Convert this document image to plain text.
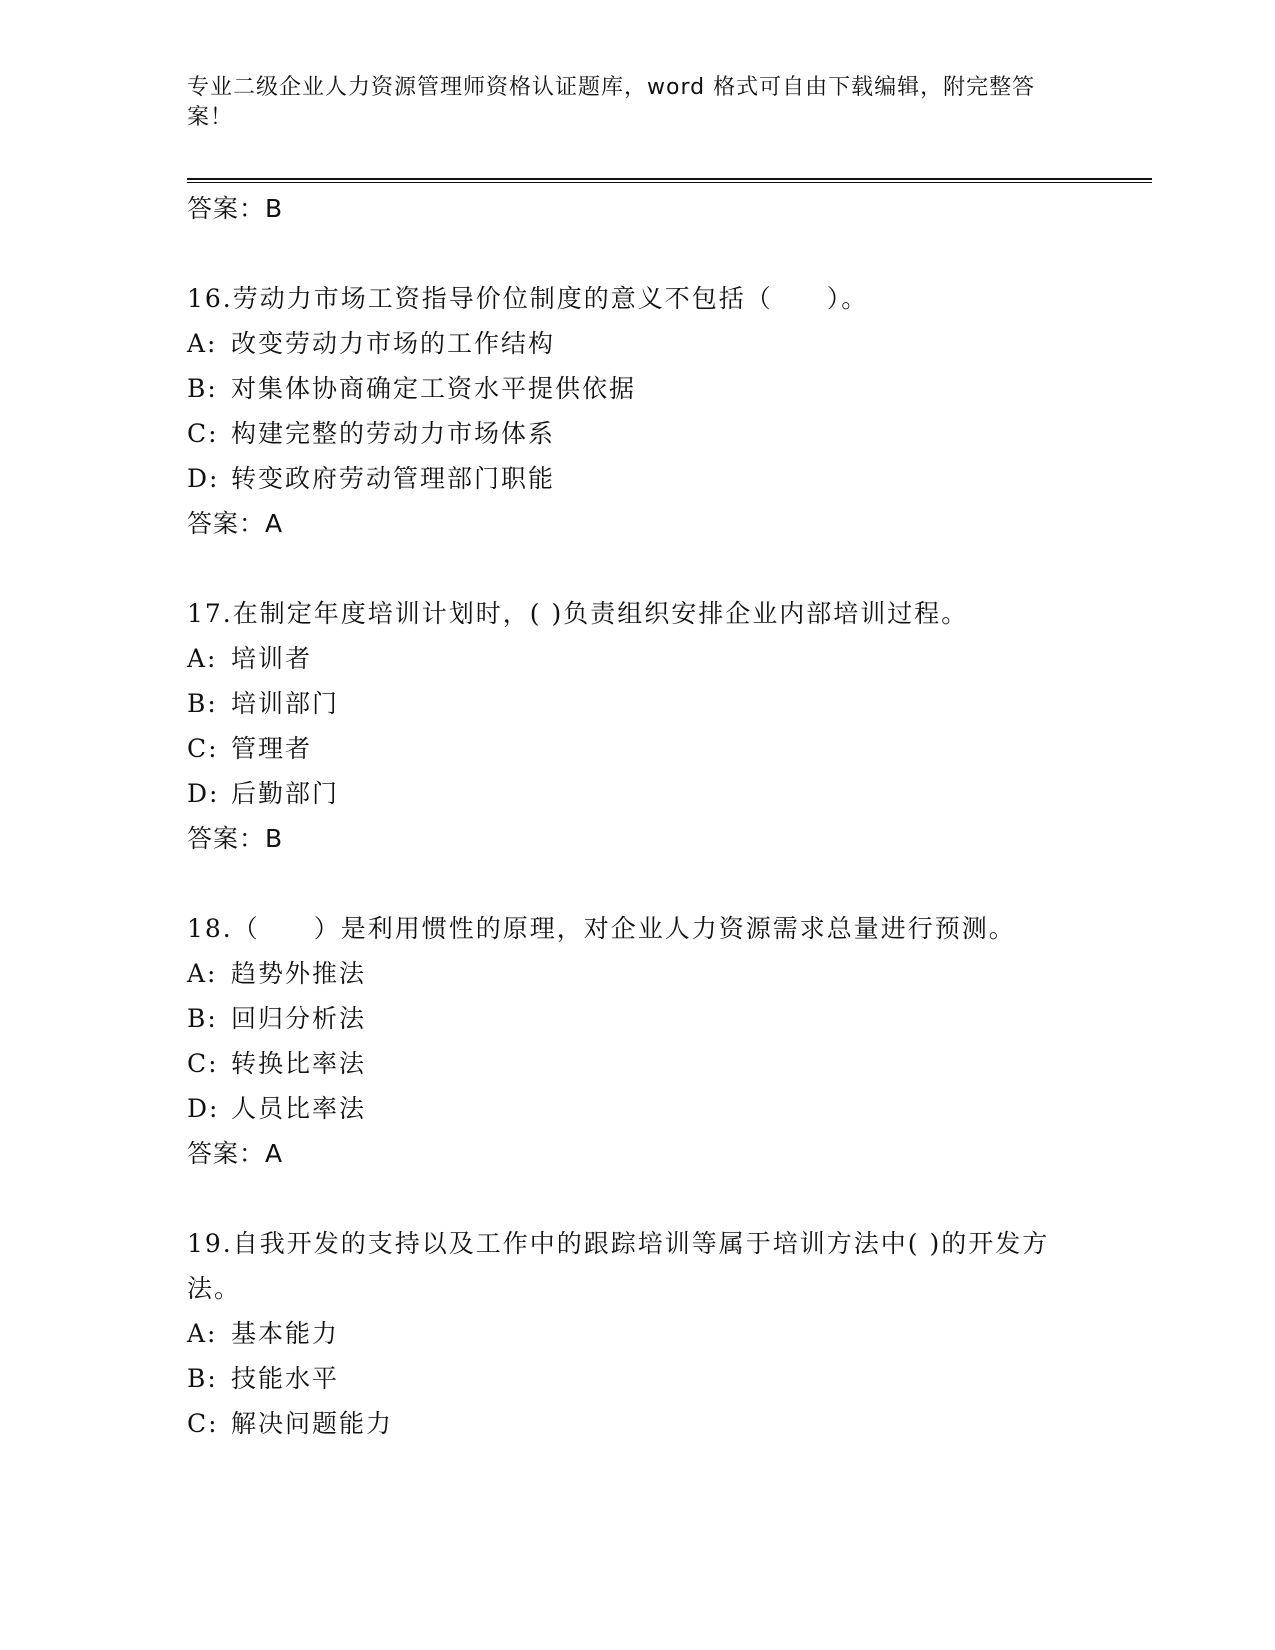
专业二级企业人力资源管理师资格认证题库，word 格式可自由下载编辑，附完整答案！
答案：B
16.劳动力市场工资指导价位制度的意义不包括（　　）。
A: 改变劳动力市场的工作结构
B: 对集体协商确定工资水平提供依据
C: 构建完整的劳动力市场体系
D: 转变政府劳动管理部门职能
答案：A
17.在制定年度培训计划时，( )负责组织安排企业内部培训过程。
A: 培训者
B: 培训部门
C: 管理者
D: 后勤部门
答案：B
18.（　　）是利用惯性的原理，对企业人力资源需求总量进行预测。
A: 趋势外推法
B: 回归分析法
C: 转换比率法
D: 人员比率法
答案：A
19.自我开发的支持以及工作中的跟踪培训等属于培训方法中( )的开发方法。
A: 基本能力
B: 技能水平
C: 解决问题能力
